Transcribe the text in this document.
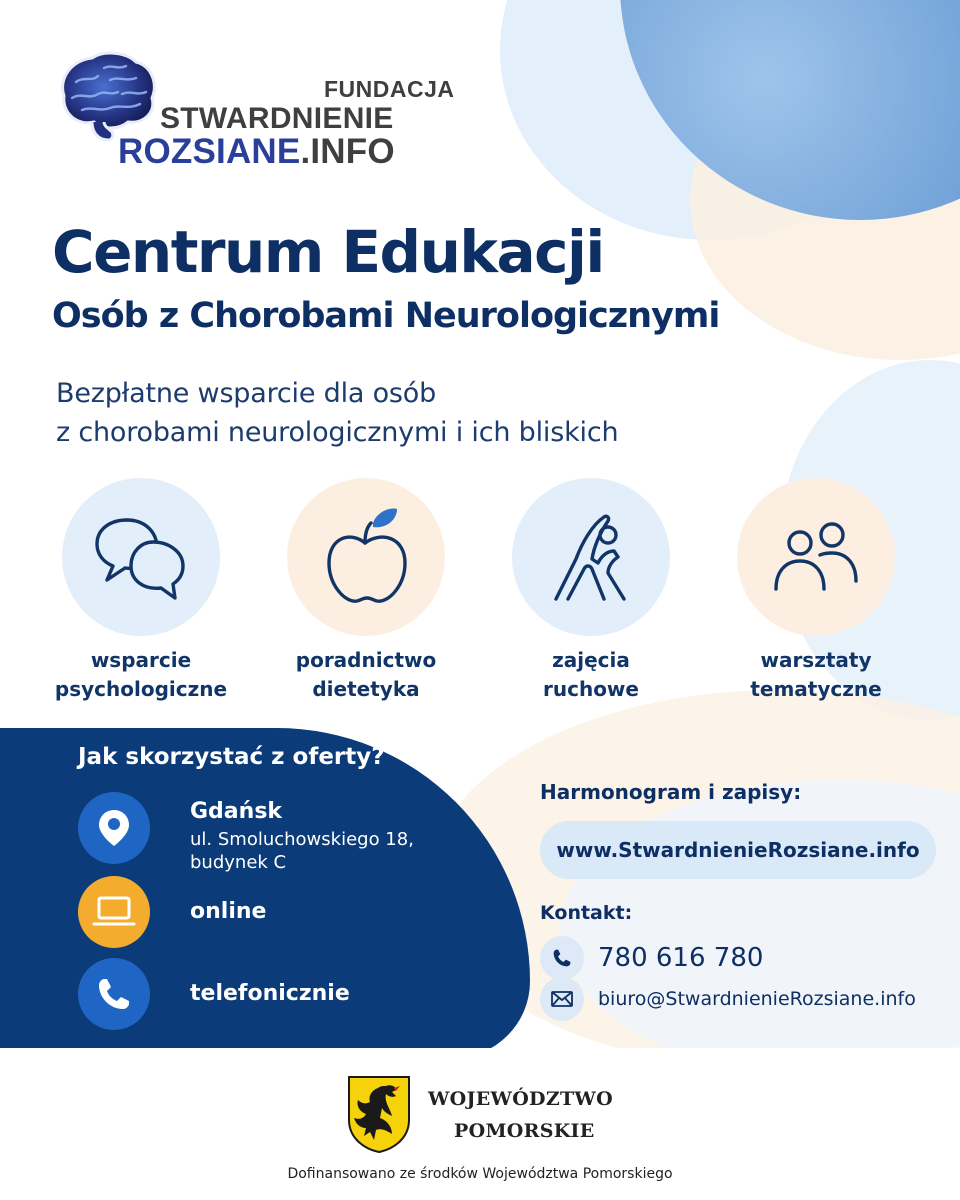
FUNDACJA
STWARDNIENIE
ROZSIANE.INFO
Centrum Edukacji
Osób z Chorobami Neurologicznymi
Bezpłatne wsparcie dla osób
z chorobami neurologicznymi i ich bliskich
wsparcie
psychologiczne
poradnictwo
dietetyka
zajęcia
ruchowe
warsztaty
tematyczne
Jak skorzystać z oferty?
Gdańsk
ul. Smoluchowskiego 18,
budynek C
online
telefonicznie
Harmonogram i zapisy:
www.StwardnienieRozsiane.info
Kontakt:
780 616 780
biuro@StwardnienieRozsiane.info
WOJEWÓDZTWO
POMORSKIE
Dofinansowano ze środków Województwa Pomorskiego
